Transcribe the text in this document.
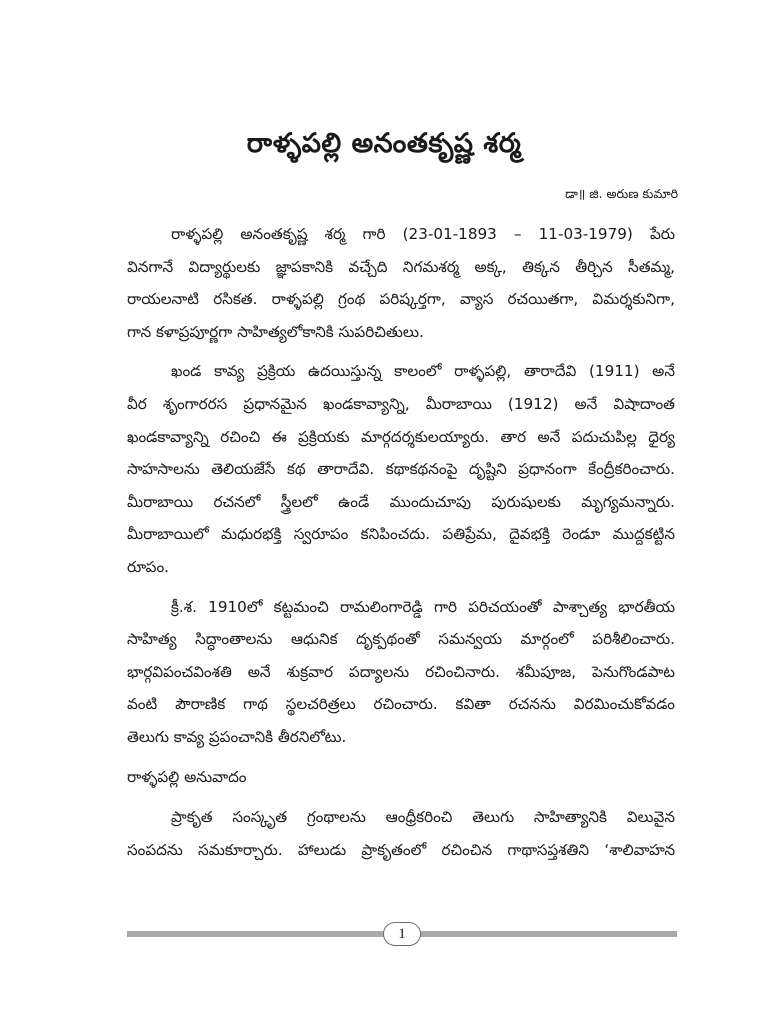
రాళ్ళపల్లి అనంతకృష్ణ శర్మ
డా॥ జి. అరుణ కుమారి

రాళ్ళపల్లి అనంతకృష్ణ శర్మ గారి (23-01-1893 – 11-03-1979) పేరు
వినగానే విద్యార్థులకు జ్ఞాపకానికి వచ్చేది నిగమశర్మ అక్క, తిక్కన తీర్చిన సీతమ్మ,
రాయలనాటి రసికత. రాళ్ళపల్లి గ్రంథ పరిష్కర్తగా, వ్యాస రచయితగా, విమర్శకునిగా,
గాన కళాప్రపూర్ణగా సాహిత్యలోకానికి సుపరిచితులు.

ఖండ కావ్య ప్రక్రియ ఉదయిస్తున్న కాలంలో రాళ్ళపల్లి, తారాదేవి (1911) అనే
వీర శృంగారరస ప్రధానమైన ఖండకావ్యాన్ని, మీరాబాయి (1912) అనే విషాదాంత
ఖండకావ్యాన్ని రచించి ఈ ప్రక్రియకు మార్గదర్శకులయ్యారు. తార అనే పదుచుపిల్ల ధైర్య
సాహసాలను తెలియజేసే కథ తారాదేవి. కథాకథనంపై దృష్టిని ప్రధానంగా కేంద్రీకరించారు.
మీరాబాయి రచనలో స్త్రీలలో ఉండే ముందుచూపు పురుషులకు మృగ్యమన్నారు.
మీరాబాయిలో మధురభక్తి స్వరూపం కనిపించదు. పతిప్రేమ, దైవభక్తి రెండూ ముద్దకట్టిన
రూపం.

క్రీ.శ. 1910లో కట్టమంచి రామలింగారెడ్డి గారి పరిచయంతో పాశ్చాత్య భారతీయ
సాహిత్య సిద్ధాంతాలను ఆధునిక దృక్పథంతో సమన్వయ మార్గంలో పరిశీలించారు.
భార్గవిపంచవింశతి అనే శుక్రవార పద్యాలను రచించినారు. శమీపూజ, పెనుగొండపాట
వంటి పౌరాణిక గాథ స్థలచరిత్రలు రచించారు. కవితా రచనను విరమించుకోవడం
తెలుగు కావ్య ప్రపంచానికి తీరనిలోటు.

రాళ్ళపల్లి అనువాదం

ప్రాకృత సంస్కృత గ్రంథాలను ఆంధ్రీకరించి తెలుగు సాహిత్యానికి విలువైన
సంపదను సమకూర్చారు. హాలుడు ప్రాకృతంలో రచించిన గాథాసప్తశతిని ‘శాలివాహన

1
